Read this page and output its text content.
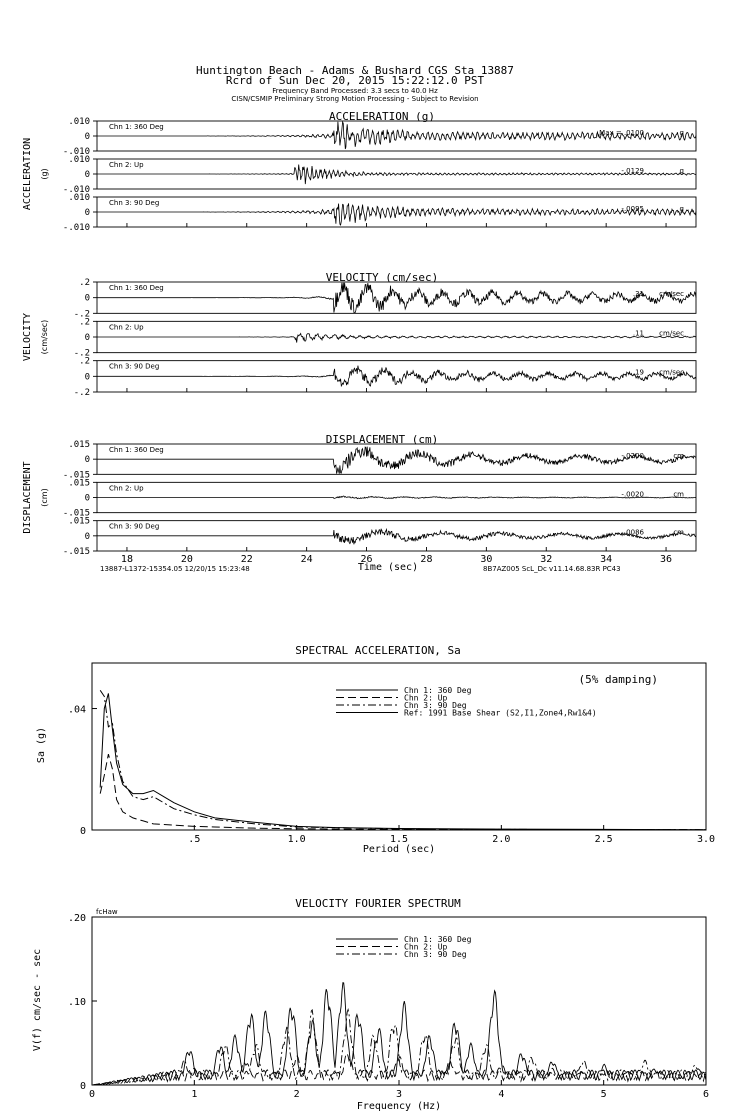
Huntington Beach - Adams & Bushard CGS Sta 13887
Rcrd of Sun Dec 20, 2015 15:22:12.0 PST
Frequency Band Processed: 3.3 secs to 40.0 Hz
CISN/CSMIP Preliminary Strong Motion Processing - Subject to Revision
ACCELERATION (g)
ACCELERATION (g)
.010
0
-.010
Chn 1: 360 Deg
Max = .0100	g
.010
0
-.010
Chn 2: Up
-.0129	g
.010
0
-.010
Chn 3: 90 Deg
-.0095	g
VELOCITY (cm/sec)
VELOCITY (cm/sec)
.2
0
-.2
Chn 1: 360 Deg
.31 cm/sec
.2
0
-.2
Chn 2: Up
.11 cm/sec
.2
0
-.2
Chn 3: 90 Deg
.19 cm/sec
DISPLACEMENT (cm)
DISPLACEMENT (cm)
.015
0
-.015
Chn 1: 360 Deg
-.0200	cm
.015
0
-.015
Chn 2: Up
-.0020	cm
.015
0
-.015
Chn 3: 90 Deg
.0086	cm
18	20	22	24	26	28	30	32	34	36
Time (sec)
13887-L1372-15354.05 12/20/15 15:23:48	8B7AZ005 ScL_Dc v11.14.68.83R PC43
SPECTRAL ACCELERATION, Sa
(5% damping)
Sa (g)
Period (sec)
.5	1.0	1.5	2.0	2.5	3.0
0
.04
Chn 1: 360 Deg
Chn 2: Up
Chn 3: 90 Deg
Ref: 1991 Base Shear (S2,I1,Zone4,Rw1&4)
VELOCITY FOURIER SPECTRUM
fcHaw
V(f) cm/sec - sec
Frequency (Hz)
0	1	2	3	4	5	6
0
.10
.20
Chn 1: 360 Deg
Chn 2: Up
Chn 3: 90 Deg
